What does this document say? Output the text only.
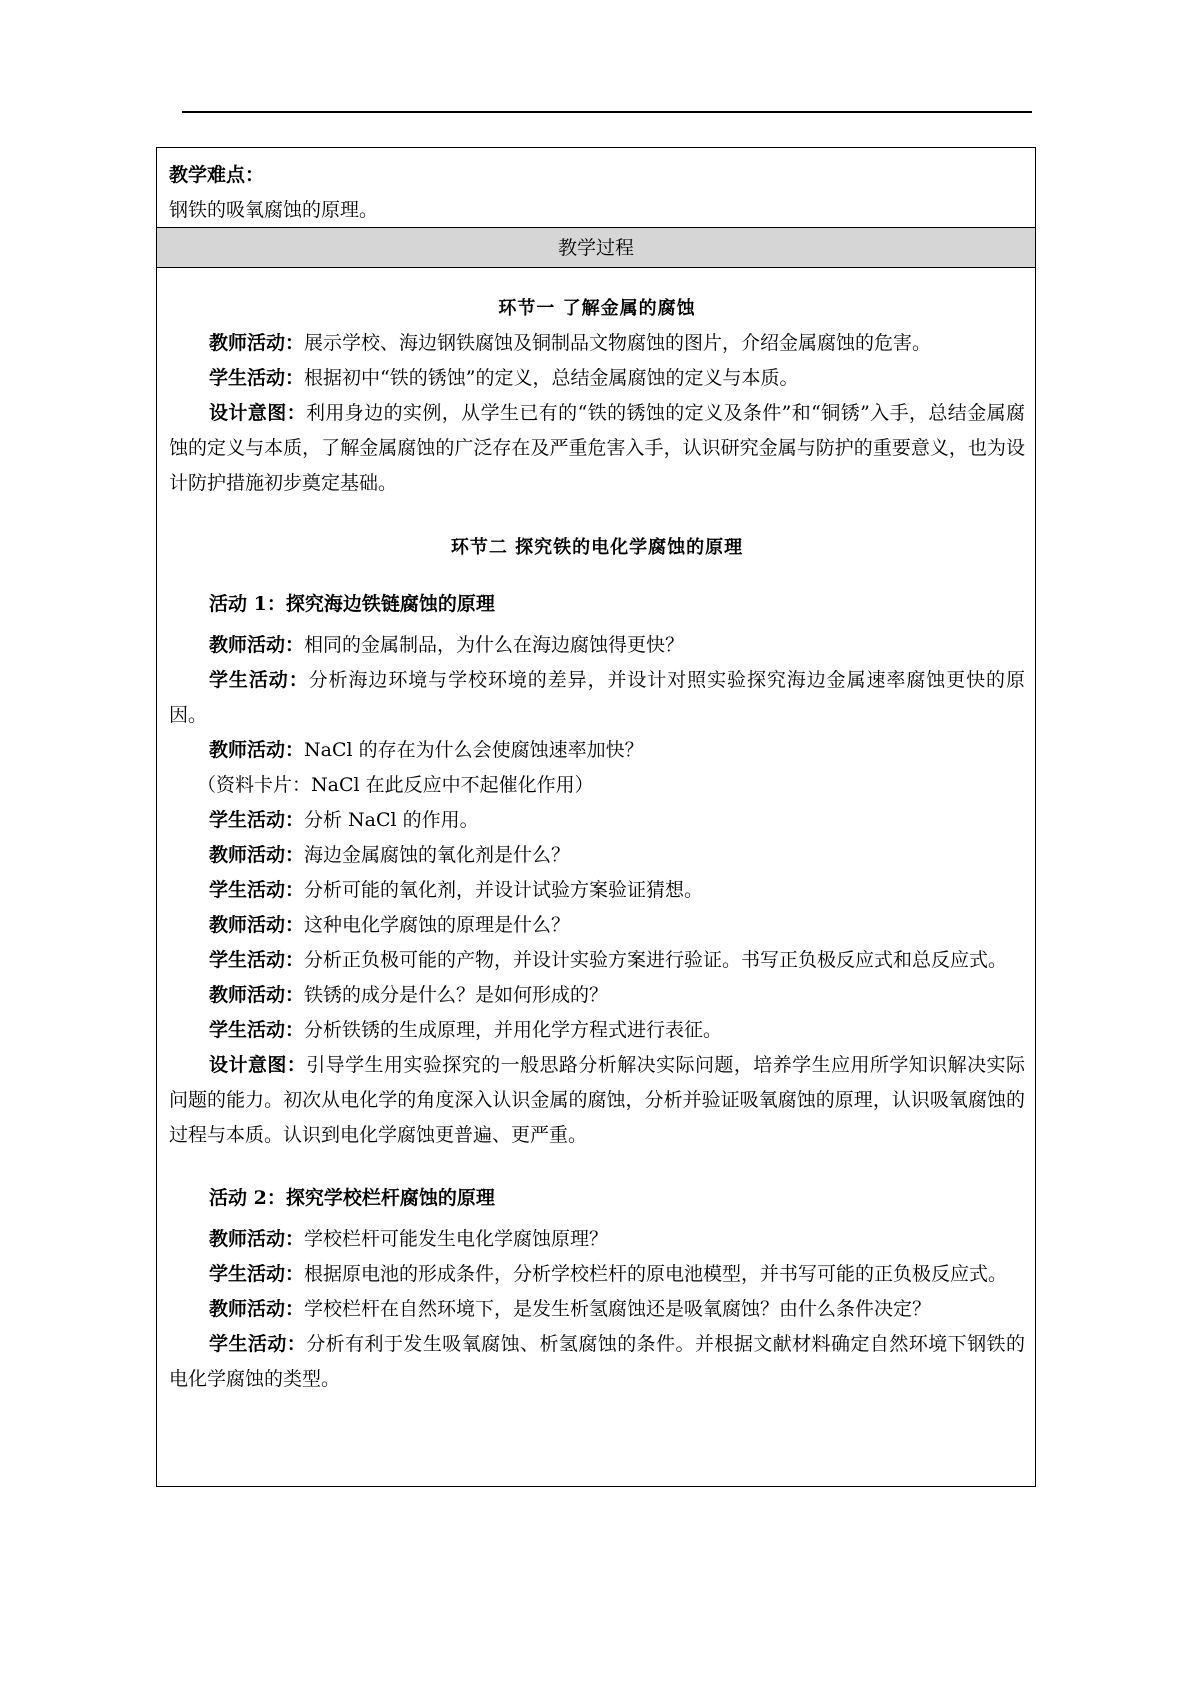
教学难点：
钢铁的吸氧腐蚀的原理。
教学过程
环节一 了解金属的腐蚀

教师活动：展示学校、海边钢铁腐蚀及铜制品文物腐蚀的图片，介绍金属腐蚀的危害。

学生活动：根据初中“铁的锈蚀”的定义，总结金属腐蚀的定义与本质。

设计意图：利用身边的实例，从学生已有的“铁的锈蚀的定义及条件”和“铜锈”入手，总结金属腐蚀的定义与本质，了解金属腐蚀的广泛存在及严重危害入手，认识研究金属与防护的重要意义，也为设计防护措施初步奠定基础。

环节二 探究铁的电化学腐蚀的原理
活动 1：探究海边铁链腐蚀的原理

教师活动：相同的金属制品，为什么在海边腐蚀得更快？

学生活动：分析海边环境与学校环境的差异，并设计对照实验探究海边金属速率腐蚀更快的原因。

教师活动：NaCl 的存在为什么会使腐蚀速率加快？

（资料卡片：NaCl 在此反应中不起催化作用）

学生活动：分析 NaCl 的作用。

教师活动：海边金属腐蚀的氧化剂是什么？

学生活动：分析可能的氧化剂，并设计试验方案验证猜想。

教师活动：这种电化学腐蚀的原理是什么？

学生活动：分析正负极可能的产物，并设计实验方案进行验证。书写正负极反应式和总反应式。

教师活动：铁锈的成分是什么？是如何形成的？

学生活动：分析铁锈的生成原理，并用化学方程式进行表征。

设计意图：引导学生用实验探究的一般思路分析解决实际问题，培养学生应用所学知识解决实际问题的能力。初次从电化学的角度深入认识金属的腐蚀，分析并验证吸氧腐蚀的原理，认识吸氧腐蚀的过程与本质。认识到电化学腐蚀更普遍、更严重。

活动 2：探究学校栏杆腐蚀的原理

教师活动：学校栏杆可能发生电化学腐蚀原理？

学生活动：根据原电池的形成条件，分析学校栏杆的原电池模型，并书写可能的正负极反应式。

教师活动：学校栏杆在自然环境下，是发生析氢腐蚀还是吸氧腐蚀？由什么条件决定？

学生活动：分析有利于发生吸氧腐蚀、析氢腐蚀的条件。并根据文献材料确定自然环境下钢铁的电化学腐蚀的类型。
